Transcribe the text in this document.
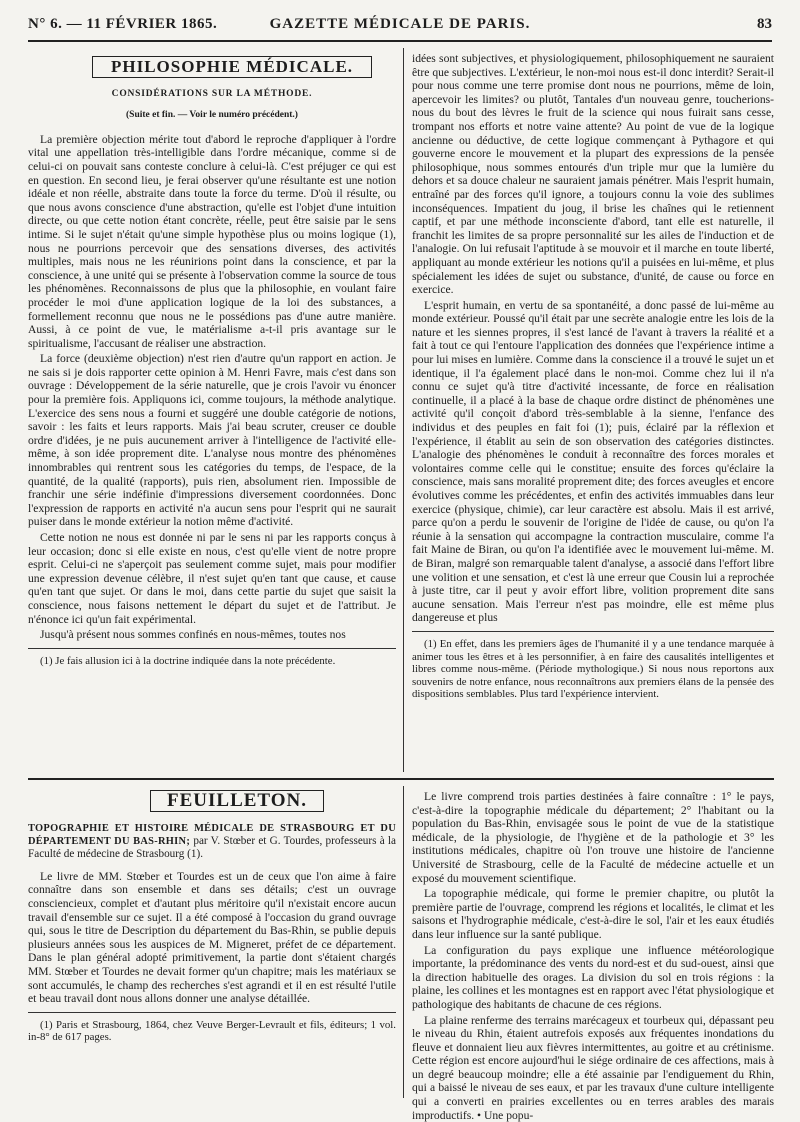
N° 6. — 11 FÉVRIER 1865.	GAZETTE MÉDICALE DE PARIS.	83
PHILOSOPHIE MÉDICALE.
CONSIDÉRATIONS SUR LA MÉTHODE.
(Suite et fin. — Voir le numéro précédent.)

La première objection mérite tout d'abord le reproche d'appliquer à l'ordre vital une appellation très-intelligible dans l'ordre mécanique, comme si de celui-ci on pouvait sans conteste conclure à celui-là. C'est préjuger ce qui est en question. En second lieu, je ferai observer qu'une résultante est une notion idéale et non réelle, abstraite dans toute la force du terme. D'où il résulte, ou que nous avons conscience d'une abstraction, qu'elle est l'objet d'une intuition directe, ou que cette notion étant concrète, réelle, peut être saisie par le sens intime. Si le sujet n'était qu'une simple hypothèse plus ou moins logique (1), nous ne pourrions percevoir que des sensations diverses, des activités multiples, mais nous ne les réunirions point dans la conscience, et par la conscience, à une unité qui se présente à l'observation comme la source de tous les phénomènes. Reconnaissons de plus que la philosophie, en voulant faire procéder le moi d'une application logique de la loi des substances, a formellement reconnu que nous ne le possédions pas d'une autre manière. Aussi, à ce point de vue, le matérialisme a-t-il pris avantage sur le spiritualisme, l'accusant de réaliser une abstraction.

La force (deuxième objection) n'est rien d'autre qu'un rapport en action. Je ne sais si je dois rapporter cette opinion à M. Henri Favre, mais c'est dans son ouvrage : Développement de la série naturelle, que je crois l'avoir vu énoncer pour la première fois. Appliquons ici, comme toujours, la méthode analytique. L'exercice des sens nous a fourni et suggéré une double catégorie de notions, savoir : les faits et leurs rapports. Mais j'ai beau scruter, creuser ce double ordre d'idées, je ne puis aucunement arriver à l'intelligence de l'activité elle-même, à son idée proprement dite. L'analyse nous montre des phénomènes innombrables qui rentrent sous les catégories du temps, de l'espace, de la quantité, de la qualité (rapports), puis rien, absolument rien. Impossible de franchir une série indéfinie d'impressions diversement coordonnées. Donc l'expression de rapports en activité n'a aucun sens pour l'esprit qui ne saurait puiser dans le monde extérieur la notion même d'activité.

Cette notion ne nous est donnée ni par le sens ni par les rapports conçus à leur occasion; donc si elle existe en nous, c'est qu'elle vient de notre propre esprit. Celui-ci ne s'aperçoit pas seulement comme sujet, mais pour modifier une expression devenue célèbre, il n'est sujet qu'en tant que cause, et cause qu'en tant que sujet. Or dans le moi, dans cette partie du sujet que saisit la conscience, nous faisons nettement le départ du sujet et de l'attribut. Je n'énonce ici qu'un fait expérimental.

Jusqu'à présent nous sommes confinés en nous-mêmes, toutes nos

(1) Je fais allusion ici à la doctrine indiquée dans la note précédente.

idées sont subjectives, et physiologiquement, philosophiquement ne sauraient être que subjectives. L'extérieur, le non-moi nous est-il donc interdit? Serait-il pour nous comme une terre promise dont nous ne pourrions, même de loin, apercevoir les limites? ou plutôt, Tantales d'un nouveau genre, toucherions-nous du bout des lèvres le fruit de la science qui nous fuirait sans cesse, trompant nos efforts et notre vaine attente? Au point de vue de la logique ancienne ou déductive, de cette logique commençant à Pythagore et qui gouverne encore le mouvement et la plupart des expressions de la pensée philosophique, nous sommes entourés d'un triple mur que la lumière du dehors et sa douce chaleur ne sauraient jamais pénétrer. Mais l'esprit humain, entraîné par des forces qu'il ignore, a toujours connu la voie des sublimes inconséquences. Impatient du joug, il brise les chaînes qui le retiennent captif, et par une méthode inconsciente d'abord, tant elle est naturelle, il franchit les limites de sa propre personnalité sur les ailes de l'induction et de l'analogie. On lui refusait l'aptitude à se mouvoir et il marche en toute liberté, appliquant au monde extérieur les notions qu'il a puisées en lui-même, et plus spécialement les idées de sujet ou substance, d'unité, de cause ou force en exercice.

L'esprit humain, en vertu de sa spontanéité, a donc passé de lui-même au monde extérieur. Poussé qu'il était par une secrète analogie entre les lois de la nature et les siennes propres, il s'est lancé de l'avant à travers la réalité et a fait à tout ce qui l'entoure l'application des données que l'expérience intime a pour lui mises en lumière. Comme dans la conscience il a trouvé le sujet un et identique, il l'a également placé dans le non-moi. Comme chez lui il n'a connu ce sujet qu'à titre d'activité incessante, de force en réalisation continuelle, il a placé à la base de chaque ordre distinct de phénomènes une activité qu'il conçoit d'abord très-semblable à la sienne, l'enfance des individus et des peuples en fait foi (1); puis, éclairé par la réflexion et l'expérience, il établit au sein de son observation des catégories distinctes. L'analogie des phénomènes le conduit à reconnaître des forces morales et volontaires comme celle qui le constitue; ensuite des forces qu'éclaire la conscience, mais sans moralité proprement dite; des forces aveugles et encore évolutives comme les précédentes, et enfin des activités immuables dans leur exercice (physique, chimie), car leur caractère est absolu. Mais il est arrivé, parce qu'on a perdu le souvenir de l'origine de l'idée de cause, ou qu'on l'a réunie à la sensation qui accompagne la contraction musculaire, comme l'a fait Maine de Biran, ou qu'on l'a identifiée avec le mouvement lui-même. M. de Biran, malgré son remarquable talent d'analyse, a associé dans l'effort libre une volition et une sensation, et c'est là une erreur que Cousin lui a reprochée à juste titre, car il peut y avoir effort libre, volition proprement dite sans aucune sensation. Mais l'erreur n'est pas moindre, elle est même plus dangereuse et plus

(1) En effet, dans les premiers âges de l'humanité il y a une tendance marquée à animer tous les êtres et à les personnifier, à en faire des causalités intelligentes et libres comme nous-même. (Période mythologique.) Si nous nous reportons aux souvenirs de notre enfance, nous reconnaîtrons aux premiers élans de la pensée des dispositions semblables. Plus tard l'expérience intervient.

FEUILLETON.
TOPOGRAPHIE ET HISTOIRE MÉDICALE DE STRASBOURG ET DU DÉPARTEMENT DU BAS-RHIN; par V. Stœber et G. Tourdes, professeurs à la Faculté de médecine de Strasbourg (1).

Le livre de MM. Stœber et Tourdes est un de ceux que l'on aime à faire connaître dans son ensemble et dans ses détails; c'est un ouvrage consciencieux, complet et d'autant plus méritoire qu'il n'existait encore aucun travail d'ensemble sur ce sujet. Il a été composé à l'occasion du grand ouvrage qui, sous le titre de Description du département du Bas-Rhin, se publie depuis plusieurs années sous les auspices de M. Migneret, préfet de ce département. Dans le plan général adopté primitivement, la partie dont s'étaient chargés MM. Stœber et Tourdes ne devait former qu'un chapitre; mais les matériaux se sont accumulés, le champ des recherches s'est agrandi et il en est résulté l'utile et beau travail dont nous allons donner une analyse détaillée.

(1) Paris et Strasbourg, 1864, chez Veuve Berger-Levrault et fils, éditeurs; 1 vol. in-8° de 617 pages.

Le livre comprend trois parties destinées à faire connaître : 1° le pays, c'est-à-dire la topographie médicale du département; 2° l'habitant ou la population du Bas-Rhin, envisagée sous le point de vue de la statistique médicale, de la physiologie, de l'hygiène et de la pathologie et 3° les institutions médicales, chapitre où l'on trouve une histoire de l'ancienne Université de Strasbourg, celle de la Faculté de médecine actuelle et un exposé du mouvement scientifique.

La topographie médicale, qui forme le premier chapitre, ou plutôt la première partie de l'ouvrage, comprend les régions et localités, le climat et les saisons et l'hydrographie médicale, c'est-à-dire le sol, l'air et les eaux étudiés dans leur influence sur la santé publique.

La configuration du pays explique une influence météorologique importante, la prédominance des vents du nord-est et du sud-ouest, ainsi que la direction habituelle des orages. La division du sol en trois régions : la plaine, les collines et les montagnes est en rapport avec l'état physiologique et pathologique des habitants de chacune de ces régions.

La plaine renferme des terrains marécageux et tourbeux qui, dépassant peu le niveau du Rhin, étaient autrefois exposés aux fréquentes inondations du fleuve et donnaient lieu aux fièvres intermittentes, au goitre et au crétinisme. Cette région est encore aujourd'hui le siége ordinaire de ces affections, mais à un degré beaucoup moindre; elle a été assainie par l'endiguement du Rhin, qui a baissé le niveau de ses eaux, et par les travaux d'une culture intelligente qui a converti en prairies excellentes ou en terres arables des marais improductifs. • Une popu-
